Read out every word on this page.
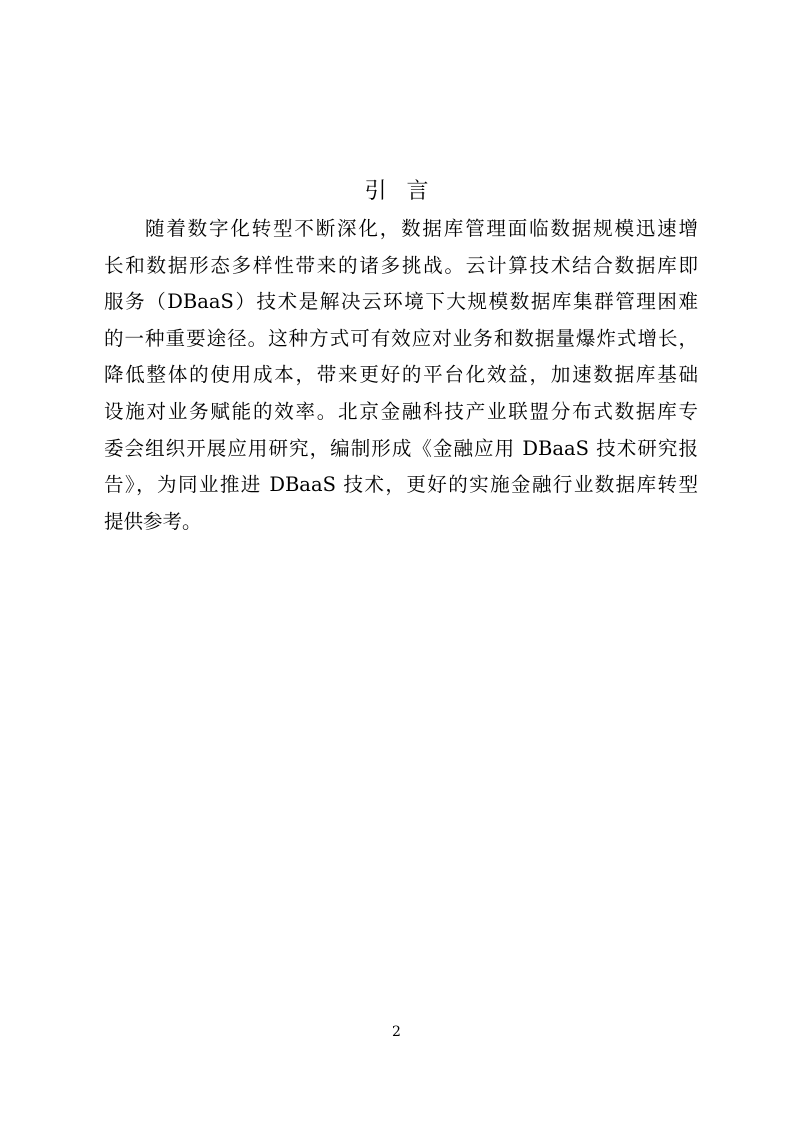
引言

随着数字化转型不断深化，数据库管理面临数据规模迅速增

长和数据形态多样性带来的诸多挑战。云计算技术结合数据库即

服务（DBaaS）技术是解决云环境下大规模数据库集群管理困难

的一种重要途径。这种方式可有效应对业务和数据量爆炸式增长，

降低整体的使用成本，带来更好的平台化效益，加速数据库基础

设施对业务赋能的效率。北京金融科技产业联盟分布式数据库专

委会组织开展应用研究，编制形成《金融应用 DBaaS 技术研究报

告》，为同业推进 DBaaS 技术，更好的实施金融行业数据库转型

提供参考。

2
